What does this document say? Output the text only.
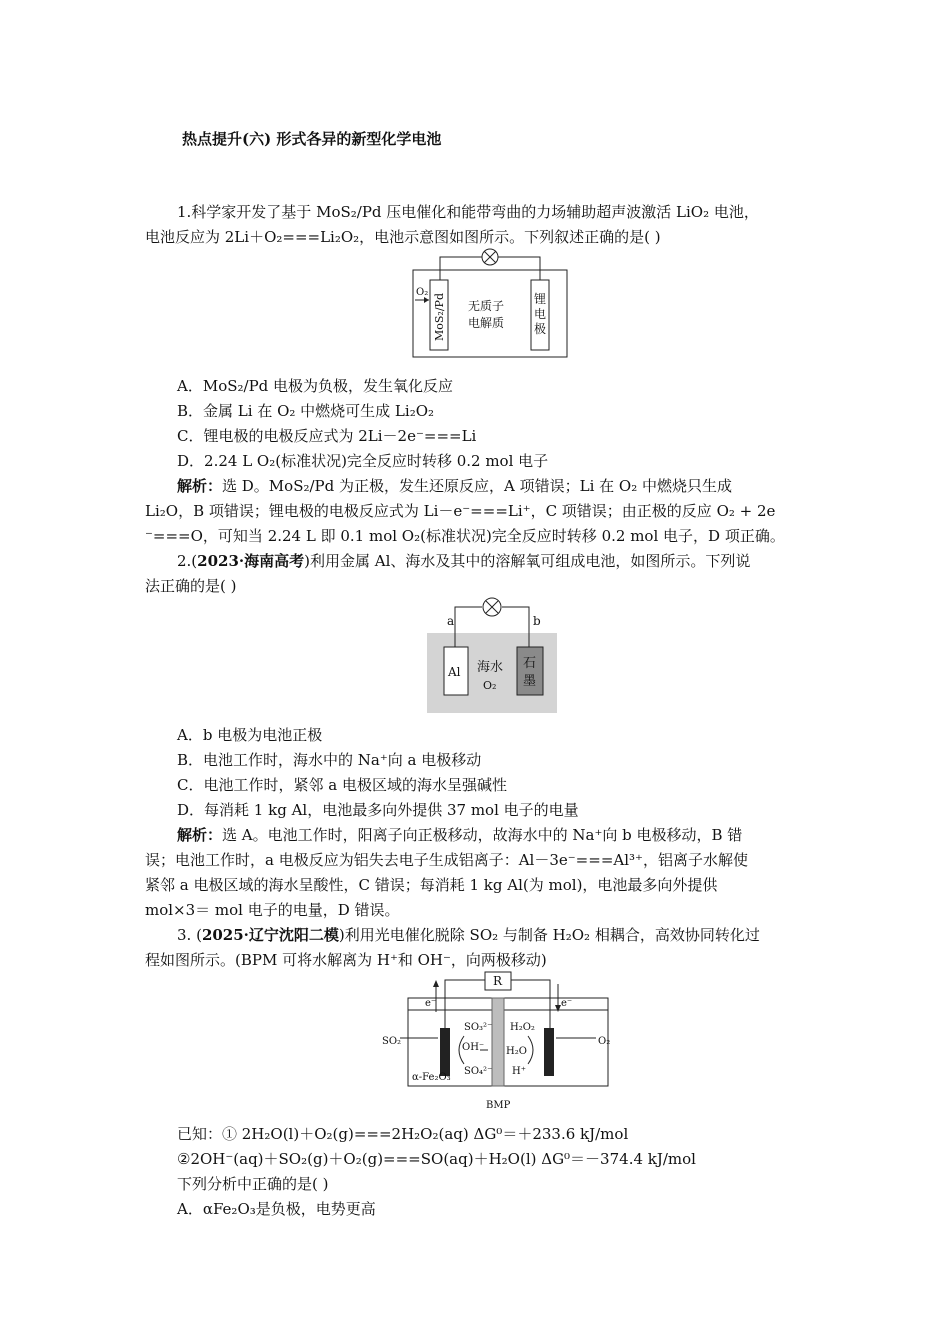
热点提升(六) 形式各异的新型化学电池
1.科学家开发了基于 MoS₂/Pd 压电催化和能带弯曲的力场辅助超声波激活 LiO₂ 电池，
电池反应为 2Li＋O₂===Li₂O₂，电池示意图如图所示。下列叙述正确的是( )
O₂
MoS₂/Pd 无质子
电解质
锂
电
极
A．MoS₂/Pd 电极为负极，发生氧化反应
B．金属 Li 在 O₂ 中燃烧可生成 Li₂O₂
C．锂电极的电极反应式为 2Li－2e⁻===Li
D．2.24 L O₂(标准状况)完全反应时转移 0.2 mol 电子
解析：选 D。MoS₂/Pd 为正极，发生还原反应，A 项错误；Li 在 O₂ 中燃烧只生成
Li₂O，B 项错误；锂电极的电极反应式为 Li－e⁻===Li⁺，C 项错误；由正极的反应 O₂ + 2e
⁻===O，可知当 2.24 L 即 0.1 mol O₂(标准状况)完全反应时转移 0.2 mol 电子，D 项正确。
2.(2023·海南高考)利用金属 Al、海水及其中的溶解氧可组成电池，如图所示。下列说
法正确的是( )
a	b
Al
石
墨
海水
O₂
A．b 电极为电池正极
B．电池工作时，海水中的 Na⁺向 a 电极移动
C．电池工作时，紧邻 a 电极区域的海水呈强碱性
D．每消耗 1 kg Al，电池最多向外提供 37 mol 电子的电量
解析：选 A。电池工作时，阳离子向正极移动，故海水中的 Na⁺向 b 电极移动，B 错
误；电池工作时，a 电极反应为铝失去电子生成铝离子：Al－3e⁻===Al³⁺，铝离子水解使
紧邻 a 电极区域的海水呈酸性，C 错误；每消耗 1 kg Al(为 mol)，电池最多向外提供
mol×3＝ mol 电子的电量，D 错误。
3. (2025·辽宁沈阳二模)利用光电催化脱除 SO₂ 与制备 H₂O₂ 相耦合，高效协同转化过
程如图所示。(BPM 可将水解离为 H⁺和 OH⁻，向两极移动)
R
e⁻	e⁻
SO₃²⁻
OH⁻
SO₄²⁻
H₂O₂
H₂O
H⁺
SO₂
α-Fe₂O₃
O₂
BMP
已知：① 2H₂O(l)＋O₂(g)===2H₂O₂(aq) ΔG⁰＝＋233.6 kJ/mol
②2OH⁻(aq)＋SO₂(g)＋O₂(g)===SO(aq)＋H₂O(l) ΔG⁰＝－374.4 kJ/mol
下列分析中正确的是( )
A．αFe₂O₃是负极，电势更高
